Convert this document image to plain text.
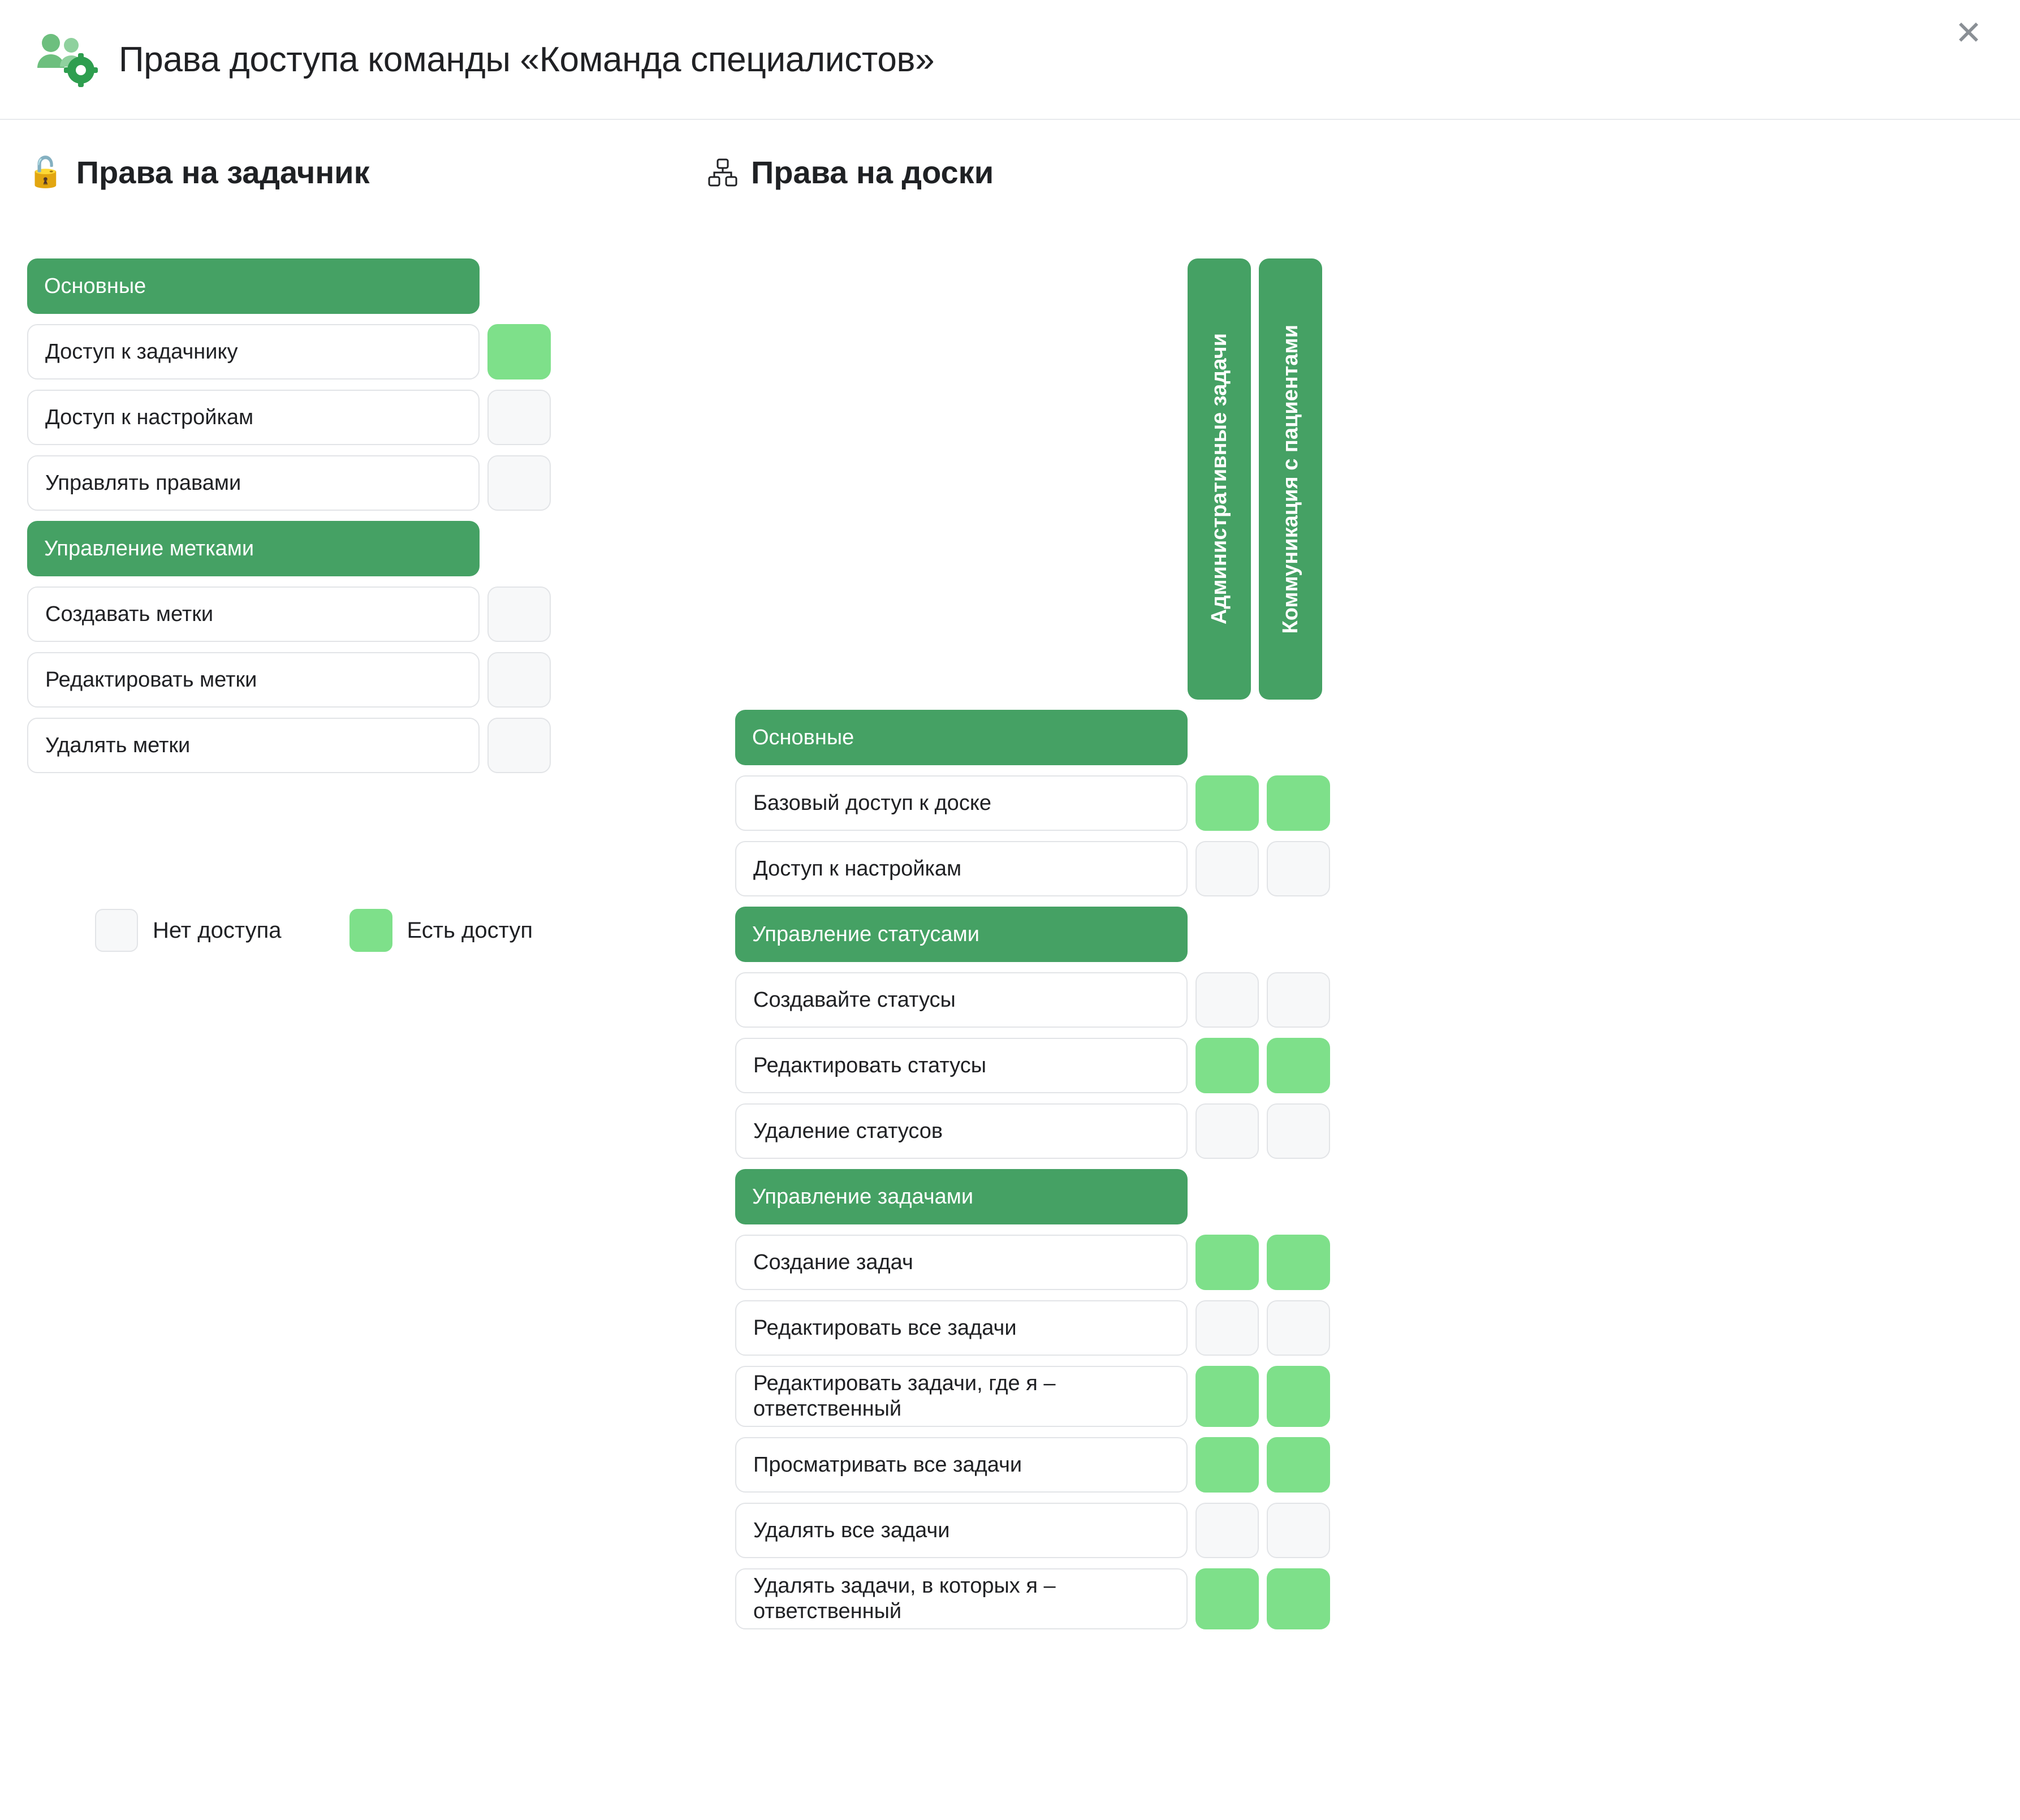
Права доступа команды «Команда специалистов»
✕
🔓 Права на задачник
Основные
Доступ к задачнику
Доступ к настройкам
Управлять правами
Управление метками
Создавать метки
Редактировать метки
Удалять метки
Нет доступа	Есть доступ
Права на доски
Административные задачи Коммуникация с пациентами
Основные
Базовый доступ к доске
Доступ к настройкам
Управление статусами
Создавайте статусы
Редактировать статусы
Удаление статусов
Управление задачами
Создание задач
Редактировать все задачи
Редактировать задачи, где я – ответственный
Просматривать все задачи
Удалять все задачи
Удалять задачи, в которых я – ответственный
